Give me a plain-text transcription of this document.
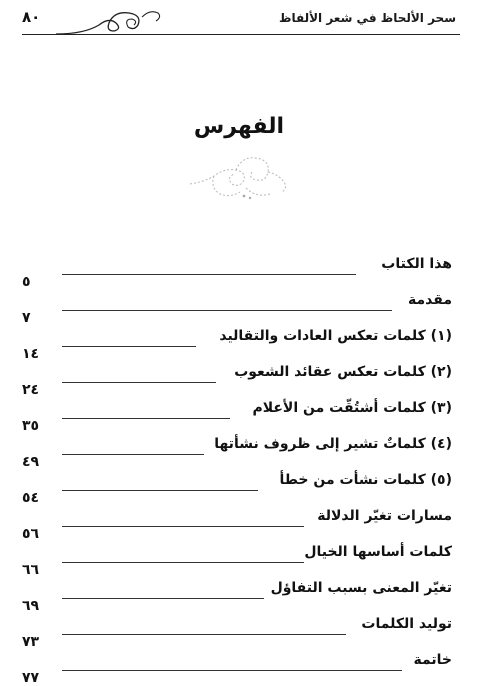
٨٠	سحر الألحاظ في شعر الألفاظ
الفهرس
هذا الكتاب
٥
مقدمة
٧
(١) كلمات تعكس العادات والتقاليد
١٤
(٢) كلمات تعكس عقائد الشعوب
٢٤
(٣) كلمات أشتُقّت من الأعلام
٣٥
(٤) كلماتٌ تشير إلى ظروف نشأتها
٤٩
(٥) كلمات نشأت من خطأ
٥٤
مسارات تغيّر الدلالة
٥٦
كلمات أساسها الخيال
٦٦
تغيّر المعنى بسبب التفاؤل
٦٩
توليد الكلمات
٧٣
خاتمة
٧٧
